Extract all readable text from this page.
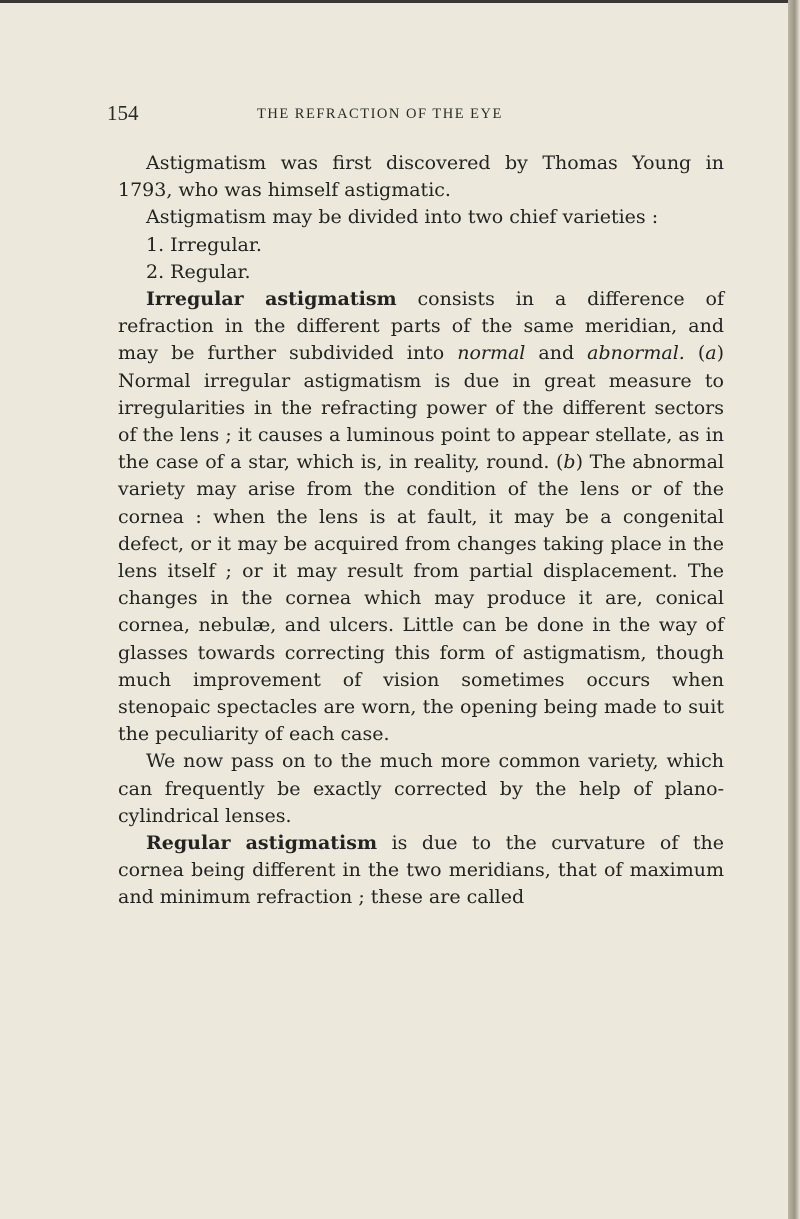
154	THE REFRACTION OF THE EYE

Astigmatism was first discovered by Thomas Young in 1793, who was himself astigmatic.

Astigmatism may be divided into two chief varieties :

1. Irregular.

2. Regular.

Irregular astigmatism consists in a difference of refraction in the different parts of the same meridian, and may be further subdivided into normal and abnormal. (a) Normal irregular astigmatism is due in great measure to irregularities in the refracting power of the different sectors of the lens ; it causes a luminous point to appear stellate, as in the case of a star, which is, in reality, round. (b) The abnormal variety may arise from the condition of the lens or of the cornea : when the lens is at fault, it may be a congenital defect, or it may be acquired from changes taking place in the lens itself ; or it may result from partial displacement. The changes in the cornea which may produce it are, conical cornea, nebulæ, and ulcers. Little can be done in the way of glasses towards correcting this form of astigmatism, though much improvement of vision sometimes occurs when stenopaic spectacles are worn, the opening being made to suit the peculiarity of each case.

We now pass on to the much more common variety, which can frequently be exactly corrected by the help of plano-cylindrical lenses.

Regular astigmatism is due to the curvature of the cornea being different in the two meridians, that of maximum and minimum refraction ; these are called
